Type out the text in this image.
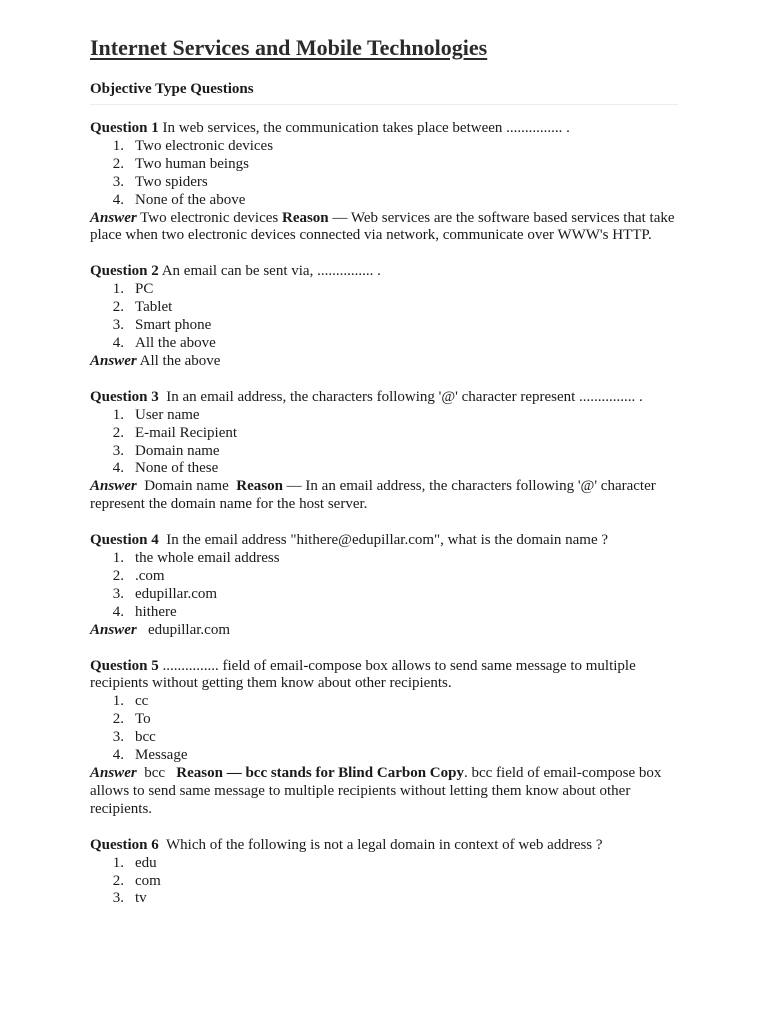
Internet Services and Mobile Technologies
Objective Type Questions

Question 1 In web services, the communication takes place between ............... .

1. Two electronic devices
2. Two human beings
3. Two spiders
4. None of the above

Answer Two electronic devices Reason — Web services are the software based services that take place when two electronic devices connected via network, communicate over WWW's HTTP.

Question 2 An email can be sent via, ............... .

1. PC
2. Tablet
3. Smart phone
4. All the above

Answer All the above

Question 3 In an email address, the characters following '@' character represent ............... .

1. User name
2. E-mail Recipient
3. Domain name
4. None of these

Answer Domain name Reason — In an email address, the characters following '@' character represent the domain name for the host server.

Question 4 In the email address "hithere@edupillar.com", what is the domain name ?

1. the whole email address
2. .com
3. edupillar.com
4. hithere

Answer edupillar.com

Question 5 ............... field of email-compose box allows to send same message to multiple recipients without getting them know about other recipients.

1. cc
2. To
3. bcc
4. Message

Answer bcc Reason — bcc stands for Blind Carbon Copy. bcc field of email-compose box allows to send same message to multiple recipients without letting them know about other recipients.

Question 6 Which of the following is not a legal domain in context of web address ?

1. edu
2. com
3. tv
